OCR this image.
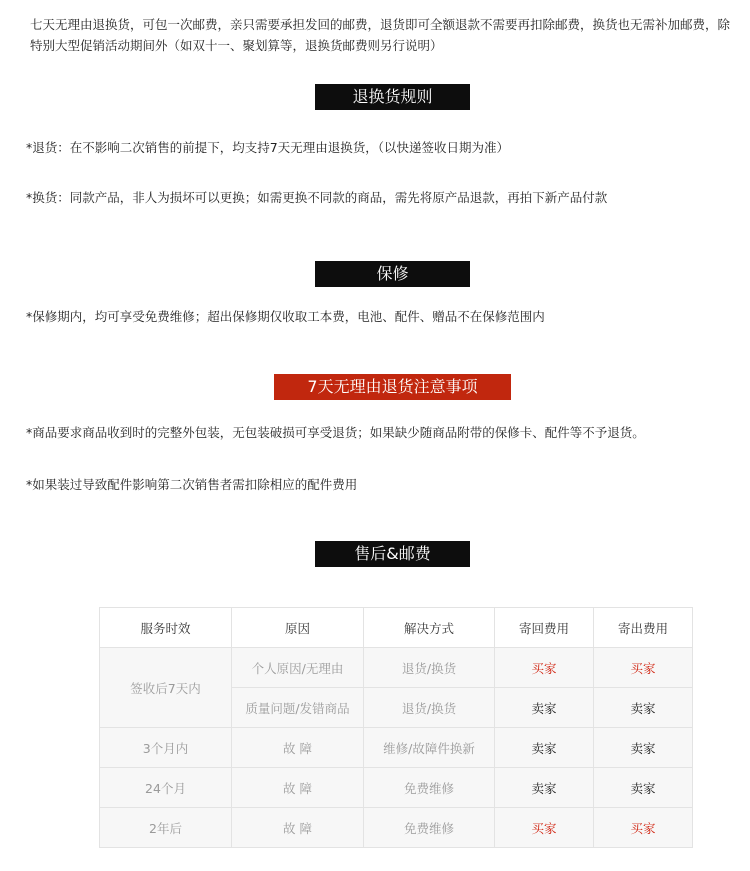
七天无理由退换货，可包一次邮费，亲只需要承担发回的邮费，退货即可全额退款不需要再扣除邮费，换货也无需补加邮费，除特别大型促销活动期间外（如双十一、聚划算等，退换货邮费则另行说明）
退换货规则
*退货：在不影响二次销售的前提下，均支持7天无理由退换货，（以快递签收日期为准）
*换货：同款产品，非人为损坏可以更换；如需更换不同款的商品，需先将原产品退款，再拍下新产品付款
保修
*保修期内，均可享受免费维修；超出保修期仅收取工本费，电池、配件、赠品不在保修范围内
7天无理由退货注意事项
*商品要求商品收到时的完整外包装，无包装破损可享受退货；如果缺少随商品附带的保修卡、配件等不予退货。
*如果装过导致配件影响第二次销售者需扣除相应的配件费用
售后&邮费
服务时效	原因	解决方式	寄回费用	寄出费用
签收后7天内	个人原因/无理由	退货/换货	买家	买家
	质量问题/发错商品	退货/换货	卖家	卖家
3个月内	故 障	维修/故障件换新	卖家	卖家
24个月	故 障	免费维修	卖家	卖家
2年后	故 障	免费维修	买家	买家
